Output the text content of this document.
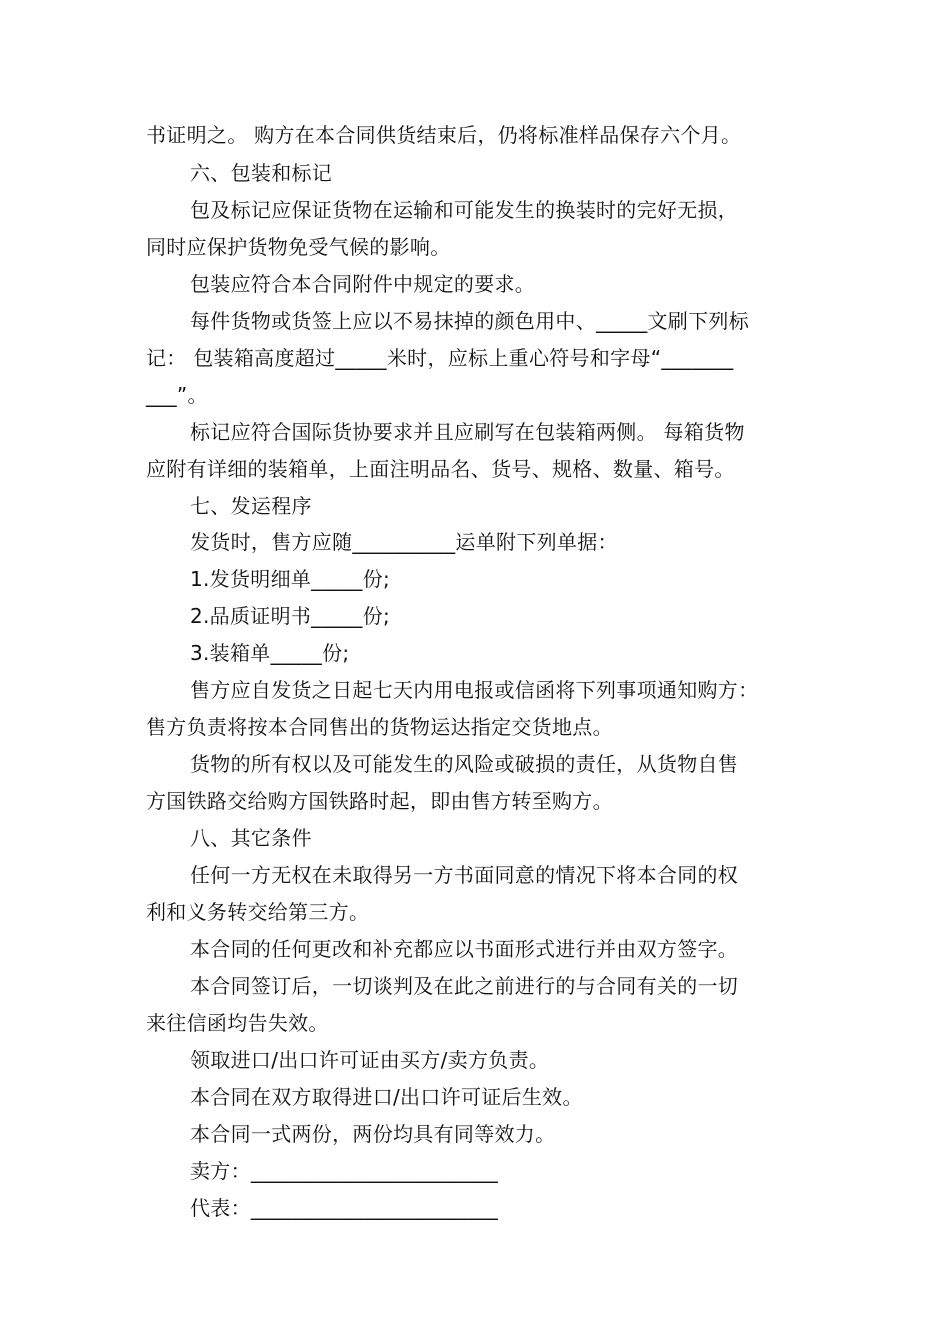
书证明之。 购方在本合同供货结束后，仍将标准样品保存六个月。
六、包装和标记
包及标记应保证货物在运输和可能发生的换装时的完好无损，
同时应保护货物免受气候的影响。
包装应符合本合同附件中规定的要求。
每件货物或货签上应以不易抹掉的颜色用中、_____文刷下列标
记： 包装箱高度超过_____米时，应标上重心符号和字母“_______
___”。
标记应符合国际货协要求并且应刷写在包装箱两侧。 每箱货物
应附有详细的装箱单，上面注明品名、货号、规格、数量、箱号。
七、发运程序
发货时，售方应随__________运单附下列单据：
1.发货明细单_____份;
2.品质证明书_____份;
3.装箱单_____份;
售方应自发货之日起七天内用电报或信函将下列事项通知购方：
售方负责将按本合同售出的货物运达指定交货地点。
货物的所有权以及可能发生的风险或破损的责任，从货物自售
方国铁路交给购方国铁路时起，即由售方转至购方。
八、其它条件
任何一方无权在未取得另一方书面同意的情况下将本合同的权
利和义务转交给第三方。
本合同的任何更改和补充都应以书面形式进行并由双方签字。
本合同签订后，一切谈判及在此之前进行的与合同有关的一切
来往信函均告失效。
领取进口/出口许可证由买方/卖方负责。
本合同在双方取得进口/出口许可证后生效。
本合同一式两份，两份均具有同等效力。
卖方：________________________
代表：________________________
